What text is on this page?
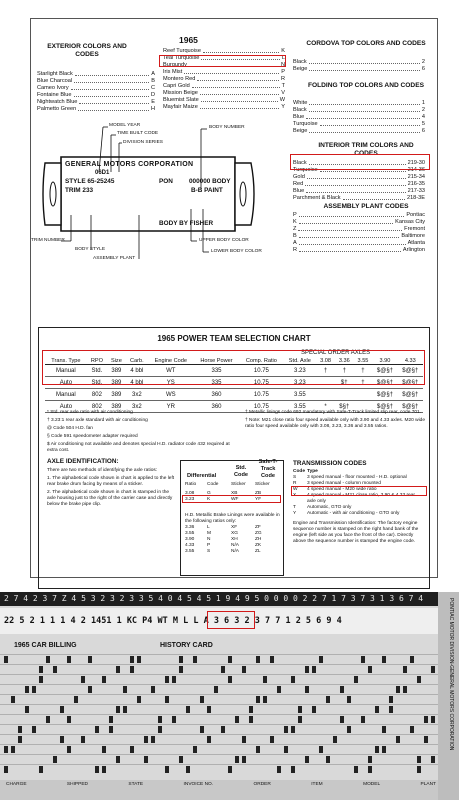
EXTERIOR COLORS AND CODES
1965
Starlight Black	A
Blue Charcoal	B
Cameo Ivory	C
Fontaine Blue	D
Nightwatch Blue	E
Palmetto Green	H
Reef Turquoise	K
Teal Turquoise	L
Burgundy	N
Iris Mist	P
Montero Red	R
Capri Gold	T
Mission Beige	V
Bluemist Slate	W
Mayfair Maize	Y
CORDOVA TOP COLORS AND CODES
Black	2
Beige	6
FOLDING TOP COLORS AND CODES
White	1
Black	2
Blue	4
Turquoise	5
Beige	6
INTERIOR TRIM COLORS AND CODES
Black	219-30
Turquoise	214-36
Gold	215-34
Red	216-35
Blue	217-33
Parchment & Black	218-3E
ASSEMBLY PLANT CODES
P	Pontiac
K	Kansas City
Z	Fremont
B	Baltimore
A	Atlanta
R	Arlington
MODEL YEAR
TIME BUILT CODE
DIVISION SERIES
BODY NUMBER
GENERAL MOTORS CORPORATION
06D1
STYLE 65-25245	PON	000000 BODY
TRIM 233	B-B PAINT
BODY BY FISHER
TRIM NUMBER
BODY STYLE
ASSEMBLY PLANT
UPPER BODY COLOR
LOWER BODY COLOR
1965 POWER TEAM SELECTION CHART
SPECIAL ORDER AXLES
Trans. Type	RPO	Size	Carb.	Engine Code	Horse Power	Comp. Ratio	Std. Axle	3.08	3.36	3.55	3.90	4.33
Manual	Std.	389	4 bbl	WT	335	10.75	3.23	†	†	†	$@§†	$@§†
Auto	Std.	389	4 bbl	YS	335	10.75	3.23		$†	†	$@§†	$@§†
Manual	802	389	3x2	WS	360	10.75	3.55				$@§†	$@§†
Auto	802	389	3x2	YR	360	10.75	3.55	*	$§†		$@§†	$@§†
* Std. rear axle ratio with air conditioning
† 3.23:1 rear axle standard with air conditioning
@ Code 504 H.D. fan
§ Code 591 speedometer adapter required
$ Air conditioning not available and denotes special H.D. radiator code 432 required at extra cost.
† Metallic linings code 692 mandatory with Safe-T-Track limited slip rear, code 701.
† Note: M21 close ratio four speed available only with 3.90 and 4.33 axles. M20 wide ratio four speed available only with 3.08, 3.23, 3.36 and 3.55 ratios.
AXLE IDENTIFICATION:
There are two methods of identifying the axle ratios:
1. The alphabetical code shown in chart is applied to the left rear brake drum facing by means of a sticker.
2. The alphabetical code shown in chart is stamped in the axle housing just to the right of the carrier case and directly below the brake pipe clip.
Differential
Std. Code
Safe-T-Track Code
Ratio	Code	Sticker	Sticker
3.08	G	XB	ZB
3.23	K	WF	YF
H.D. Metallic Brake Linings were available in the following ratios only:
3.36	L	XF	ZF
3.55	M	XG	ZG
3.90	N	XH	ZH
4.33	P	N/A	ZK
3.55	S	N/A	ZL
TRANSMISSION CODES
Code Type
S	3 speed manual - floor mounted - H.D. optional
R	3 speed manual - column mounted
W	4 speed manual - M20 wide ratio
X	4 speed manual - M21 close ratio, 3.90 & 4.33 rear axle only
T	Automatic, GTO only
Y	Automatic - with air conditioning - GTO only
Engine and Transmission Identification: The factory engine sequence number is stamped on the right hand bank of the engine (left side as you face the front of the car). Directly above the sequence number is stamped the engine code.
2 7 4 2 3 7 Z 4 5 3 2 3 2 3 3 5 4 0 4 5 4 5 1 9 4 9 5 0 0 0 0 2 2 7 1 7 3 7 3 1 3 6 7 4
22 5 2 1 1 1 4 2 1451 1 KC P4 WT M L L A 3 6 3 2 3 7 7 1 2 5 6 9 4
1965 CAR BILLING	HISTORY CARD
CHARGE	SHIPPED	STATE	INVOICE NO.	ORDER	ITEM	MODEL	PLANT
PONTIAC MOTOR DIVISION-GENERAL MOTORS CORPORATION
